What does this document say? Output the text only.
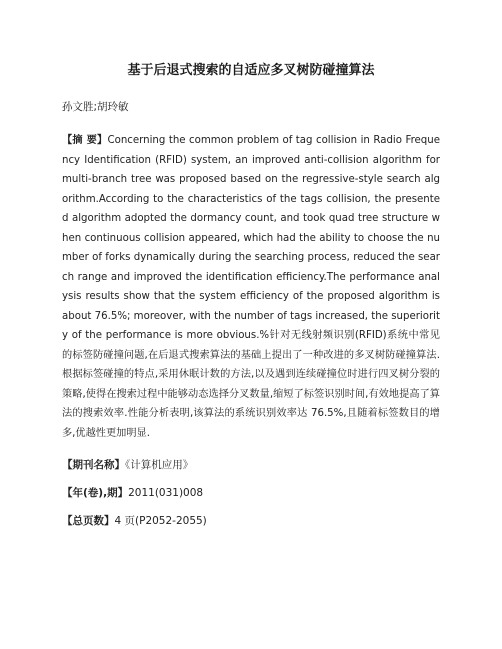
基于后退式搜索的自适应多叉树防碰撞算法
孙文胜;胡玲敏
【摘 要】Concerning the common problem of tag collision in Radio Frequency Identification (RFID) system, an improved anti-collision algorithm for multi-branch tree was proposed based on the regressive-style search algorithm.According to the characteristics of the tags collision, the presented algorithm adopted the dormancy count, and took quad tree structure when continuous collision appeared, which had the ability to choose the number of forks dynamically during the searching process, reduced the search range and improved the identification efficiency.The performance analysis results show that the system efficiency of the proposed algorithm is about 76.5%; moreover, with the number of tags increased, the superiority of the performance is more obvious.%针对无线射频识别(RFID)系统中常见的标签防碰撞问题,在后退式搜索算法的基础上提出了一种改进的多叉树防碰撞算法.根据标签碰撞的特点,采用休眠计数的方法,以及遇到连续碰撞位时进行四叉树分裂的策略,使得在搜索过程中能够动态选择分叉数量,缩短了标签识别时间,有效地提高了算法的搜索效率.性能分析表明,该算法的系统识别效率达 76.5%,且随着标签数目的增多,优越性更加明显.
【期刊名称】《计算机应用》
【年(卷),期】2011(031)008
【总页数】4 页(P2052-2055)
